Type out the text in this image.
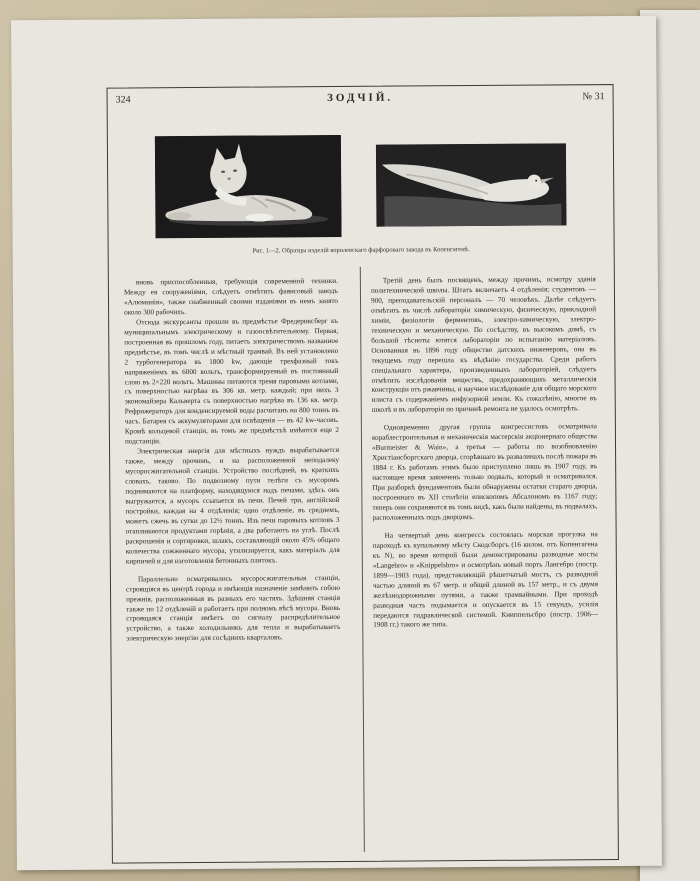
324	ЗОДЧІЙ.	№ 31
Рис. 1—2. Образцы изделій королевскаго фарфороваго завода въ Копенгагенѣ.

вновь приспособленныя, требующія современной техники. Между ея сооруженіями, слѣдуетъ отмѣтить фаянсовый заводъ «Алюминія», также снабженный своими изданіями въ немъ занято около 300 рабочихъ.

Отсюда экскурсанты прошли въ предмѣстье Фредериксберг къ муниципальнымъ электрическому и газоосвѣтительному. Первая, построенная въ прошломъ году, питаетъ электричествомъ названное предмѣстье, въ томъ числѣ и мѣстный трамвай. Въ ней установлено 2 турбогенератора въ 1800 kw, дающіе трехфазный токъ напряженіемъ въ 6000 вольтъ, трансформируемый въ постоянный слою въ 2×220 вольтъ. Машины питаются тремя паровыми котлами, съ поверхностью нагрѣва въ 306 кв. метр. каждый; при нихъ 3 экономайзера Кальверта съ поверхностью нагрѣва въ 136 кв. метр. Рефрижераторъ для конденсируемой воды расчитанъ на 800 тоннъ въ часъ. Батарея съ аккумуляторами для освѣщенія — въ 42 kw-часовъ. Кромѣ кольцевой станціи, въ томъ же предмѣстьѣ имѣются еще 2 подстанціи.

Электрическая энергія для мѣстныхъ нуждъ вырабатывается также, между прочимъ, и на расположенной неподалеку мусоросжигательной станціи. Устройство послѣдней, въ краткихъ словахъ, таково. По подвозному пути телѣги съ мусоромъ поднимаются на платформу, находящуюся надъ печами, здѣсь онъ выгружается, а мусоръ ссыпается въ печи. Печей три, англійской постройки, каждая на 4 отдѣленія; одно отдѣленіе, въ среднемъ, можетъ сжечь въ сутки до 12½ тоннъ. Изъ печи паровыхъ котловъ 3 отапливаются продуктами горѣнія, а два работаютъ на углѣ. Послѣ раскрошенія и сортировки, шлакъ, составляющій около 45% общаго количества сожженнаго мусора, утилизируется, какъ матеріалъ для кирпичей и для изготовленія бетонныхъ плитокъ.

Параллельно осматривались мусоросжигательныя станціи, строящіяся въ центрѣ города и имѣющія назначеніе замѣнить собою прежнія, расположенныя въ разныхъ его частяхъ. Здѣшняя станція также по 12 отдѣленій и работаетъ при полномъ вѣсѣ мусора. Вновь строящаяся станція имѣетъ по сигналу распредѣлительное устройство, а также холодильникъ для тепла и вырабатываетъ электрическую энергію для сосѣднихъ кварталовъ.

Третій день былъ посвященъ, между прочимъ, осмотру зданія политехнической школы. Штатъ включаетъ 4 отдѣленія; студентовъ — 900, преподавательскій персоналъ — 70 человѣкъ. Далѣе слѣдуетъ отмѣтить въ числѣ лабораторіи химическую, физическую, прикладной химіи, физіологіи ферментовъ, электро-химическую, электро-техническую и механическую. По сосѣдству, въ высокомъ домѣ, съ большой тѣсноты ютятся лабораторіи по испытанію матеріаловъ. Основанная въ 1896 году общество датскихъ инженеровъ, она въ текущемъ году перешла къ вѣдѣнію государства. Среди работъ спеціальнаго характера, произведенныхъ лабораторіей, слѣдуетъ отмѣтить изслѣдованія веществъ, предохраняющихъ металлическія конструкціи отъ ржавчины, и научное изслѣдованіе для общаго морского илиста съ содержаніемъ инфузорной земли. Къ сожалѣнію, многое въ школѣ и въ лабораторіи по причинѣ ремонта не удалось осмотрѣть.

Одновременно другая группа конгрессистовъ осматривала кораблестроительныя и механическія мастерскія акціонернаго общества «Burmeister & Wain», а третья — работы по возобновленію Христіансборгскаго дворца, сгорѣвшаго въ развалинахъ послѣ пожара въ 1884 г. Къ работамъ этимъ было приступлено лишь въ 1907 году, въ настоящее время законченъ только подвалъ, который и осматривался. При разборкѣ фундаментовъ были обнаружены остатки стараго дворца, построеннаго въ XII столѣтіи епископомъ Абсалономъ въ 1167 году; теперь они сохраняются въ томъ видѣ, какъ были найдены, въ подвалахъ, расположенныхъ подъ дворцомъ.

На четвертый день конгрессъ состоялась морская прогулка на пароходѣ къ купальному мѣсту Скодсборгъ (16 килом. отъ Копенгагена къ N), во время которой были демонстрированы разводные мосты «Langebro» и «Knippelsbro» и осмотрѣнъ новый порть Лангебро (постр. 1899—1903 года), представляющій рѣшетчатый мостъ, съ разводной частью длиной въ 67 метр. и общей длиной въ 157 метр., и съ двумя желѣзнодорожными путями, а также трамвайными. При проходѣ разводная часть подымается и опускается въ 15 секундъ, усилія передаются гидравлической системой. Книппельсбро (постр. 1906—1908 гг.) такого же типа.
